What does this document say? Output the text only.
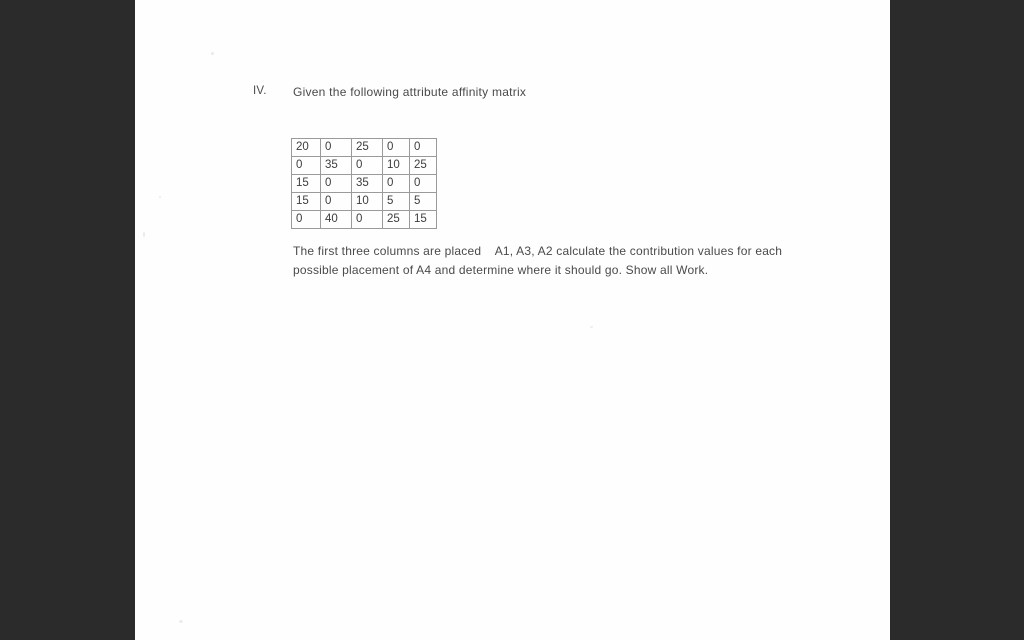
IV. Given the following attribute affinity matrix
20	0	25	0	0
0	35	0	10	25
15	0	35	0	0
15	0	10	5	5
0	40	0	25	15
The first three columns are placed    A1, A3, A2 calculate the contribution values for each
possible placement of A4 and determine where it should go. Show all Work.
